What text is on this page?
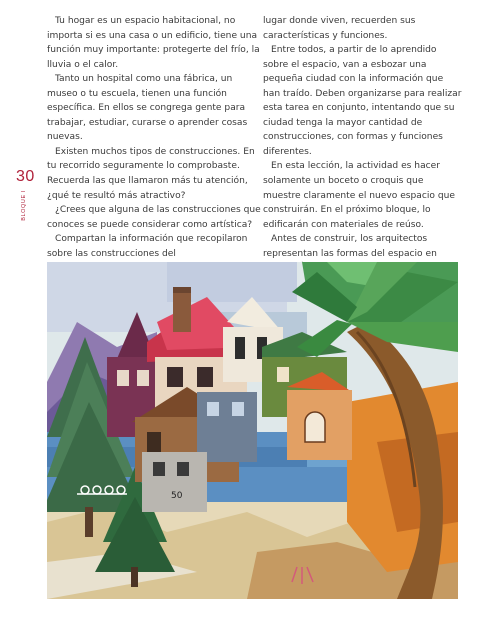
30
BLOQUE I

Tu hogar es un espacio habitacional, no importa si es una casa o un edificio, tiene una función muy importante: protegerte del frío, la lluvia o el calor.

Tanto un hospital como una fábrica, un museo o tu escuela, tienen una función específica. En ellos se congrega gente para trabajar, estudiar, curarse o aprender cosas nuevas.

Existen muchos tipos de construcciones. En tu recorrido seguramente lo comprobaste. Recuerda las que llamaron más tu atención, ¿qué te resultó más atractivo?

¿Crees que alguna de las construcciones que conoces se puede considerar como artística?

Compartan la información que recopilaron sobre las construcciones del

lugar donde viven, recuerden sus características y funciones.

Entre todos, a partir de lo aprendido sobre el espacio, van a esbozar una pequeña ciudad con la información que han traído. Deben organizarse para realizar esta tarea en conjunto, intentando que su ciudad tenga la mayor cantidad de construcciones, con formas y funciones diferentes.

En esta lección, la actividad es hacer solamente un boceto o croquis que muestre claramente el nuevo espacio que construirán. En el próximo bloque, lo edificarán con materiales de reúso.

Antes de construir, los arquitectos representan las formas del espacio en

50
